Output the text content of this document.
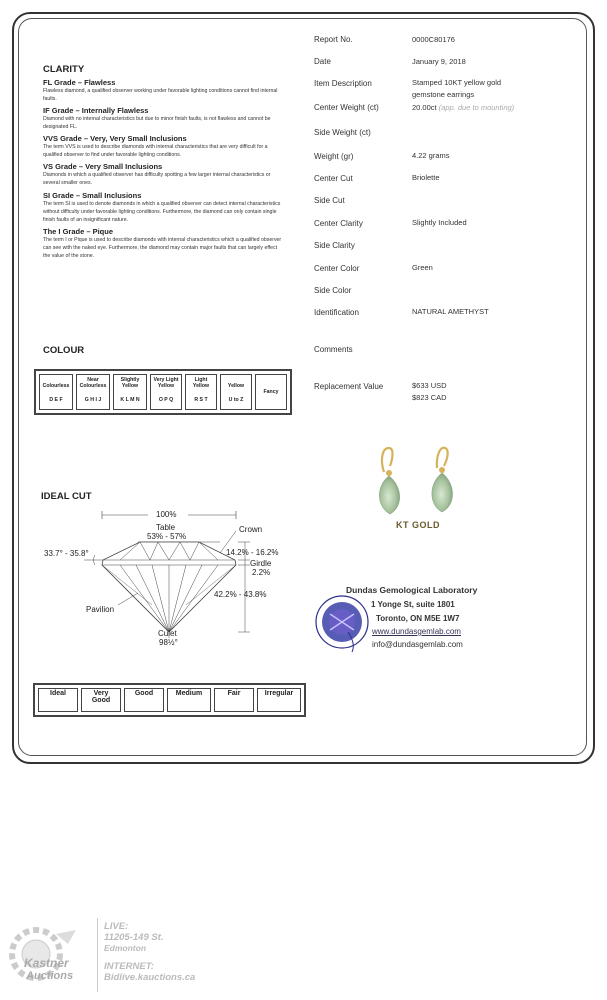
CLARITY
FL Grade – Flawless
Flawless diamond, a qualified observer working under favorable lighting conditions cannot find internal faults.
IF Grade – Internally Flawless
Diamond with no internal characteristics but due to minor finish faults, is not flawless and cannot be designated FL.
VVS Grade – Very, Very Small Inclusions
The term VVS is used to describe diamonds with internal characteristics that are very difficult for a qualified observer to find under favorable lighting conditions.
VS Grade – Very Small Inclusions
Diamonds in which a qualified observer has difficulty spotting a few larger internal characteristics or several smaller ones.
SI Grade – Small Inclusions
The term SI is used to denote diamonds in which a qualified observer can detect internal characteristics without difficulty under favorable lighting conditions. Furthermore, the diamond can only contain single finish faults of an insignificant nature.
The I Grade – Pique
The term I or Pique is used to describe diamonds with internal characteristics which a qualified observer can see with the naked eye. Furthermore, the diamond may contain major faults that can largely effect the value of the stone.
Report No.	0000C80176
Date	January 9, 2018
Item Description	Stamped 10KT yellow gold
gemstone earrings
Center Weight (ct)	20.00ct (app. due to mounting)
Side Weight (ct)
Weight (gr)	4.22 grams
Center Cut	Briolette
Side Cut
Center Clarity	Slightly Included
Side Clarity
Center Color	Green
Side Color
Identification	NATURAL AMETHYST
Comments
Replacement Value	$633 USD
$823 CAD
COLOUR
Colourless
D E F	
Near Colourless
G H I J	
Slightly Yellow
K L M N	
Very Light Yellow
O P Q	
Light Yellow
R S T	
Yellow
U to Z	Fancy
KT GOLD
IDEAL CUT
100%
Table
53% - 57%
Crown
33.7° - 35.8°	14.2% - 16.2%
Girdle
2.2%
42.2% - 43.8%
Pavilion
Culet
98½°
Ideal	Very Good	Good	Medium	Fair	Irregular
Dundas Gemological Laboratory
1 Yonge St, suite 1801
Toronto, ON M5E 1W7
www.dundasgemlab.com
info@dundasgemlab.com
Kastner
Auctions
LIVE:
11205-149 St.
Edmonton
INTERNET:
Bidlive.kauctions.ca
